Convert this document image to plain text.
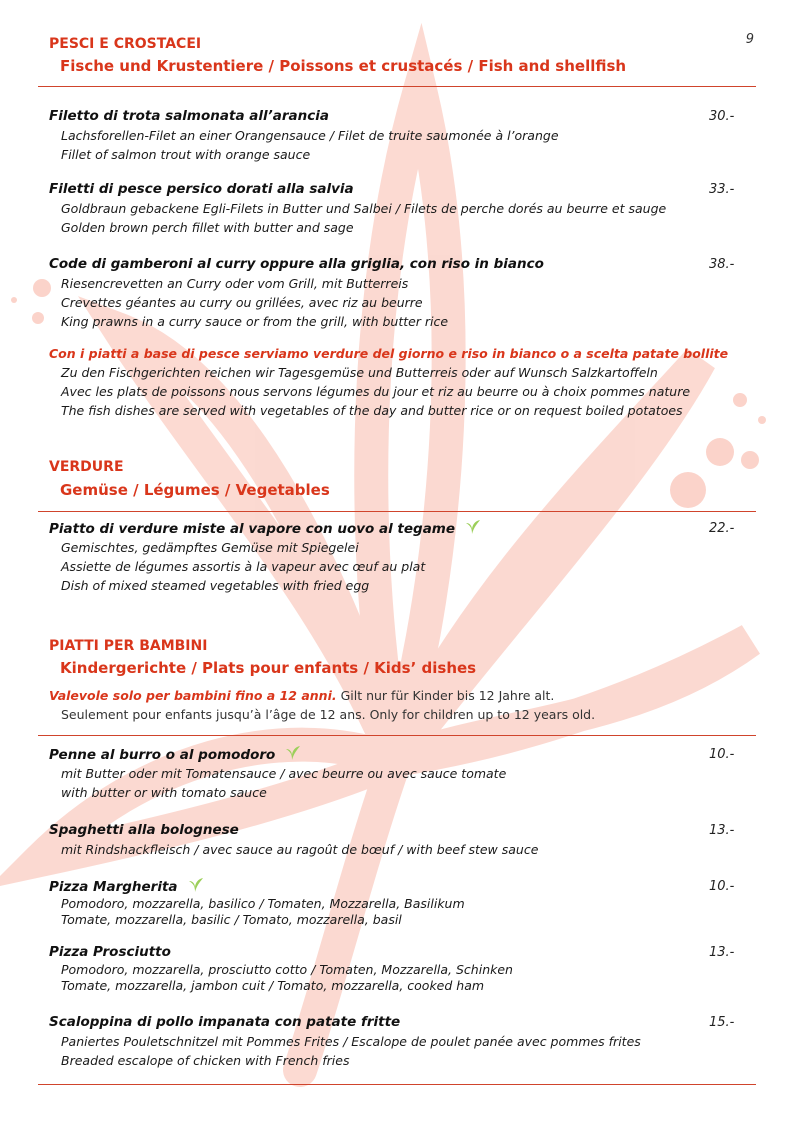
9
PESCI E CROSTACEI
Fische und Krustentiere / Poissons et crustacés / Fish and shellfish
Filetto di trota salmonata all’arancia	30.-
Lachsforellen-Filet an einer Orangensauce / Filet de truite saumonée à l’orange
Fillet of salmon trout with orange sauce
Filetti di pesce persico dorati alla salvia	33.-
Goldbraun gebackene Egli-Filets in Butter und Salbei / Filets de perche dorés au beurre et sauge
Golden brown perch fillet with butter and sage
Code di gamberoni al curry oppure alla griglia, con riso in bianco	38.-
Riesencrevetten an Curry oder vom Grill, mit Butterreis
Crevettes géantes au curry ou grillées, avec riz au beurre
King prawns in a curry sauce or from the grill, with butter rice
Con i piatti a base di pesce serviamo verdure del giorno e riso in bianco o a scelta patate bollite
Zu den Fischgerichten reichen wir Tagesgemüse und Butterreis oder auf Wunsch Salzkartoffeln
Avec les plats de poissons nous servons légumes du jour et riz au beurre ou à choix pommes nature
The fish dishes are served with vegetables of the day and butter rice or on request boiled potatoes
VERDURE
Gemüse / Légumes / Vegetables
Piatto di verdure miste al vapore con uovo al tegame	22.-
Gemischtes, gedämpftes Gemüse mit Spiegelei
Assiette de légumes assortis à la vapeur avec œuf au plat
Dish of mixed steamed vegetables with fried egg
PIATTI PER BAMBINI
Kindergerichte / Plats pour enfants / Kids’ dishes
Valevole solo per bambini fino a 12 anni. Gilt nur für Kinder bis 12 Jahre alt.
Seulement pour enfants jusqu’à l’âge de 12 ans. Only for children up to 12 years old.
Penne al burro o al pomodoro	10.-
mit Butter oder mit Tomatensauce / avec beurre ou avec sauce tomate
with butter or with tomato sauce
Spaghetti alla bolognese	13.-
mit Rindshackfleisch / avec sauce au ragoût de bœuf / with beef stew sauce
Pizza Margherita	10.-
Pomodoro, mozzarella, basilico / Tomaten, Mozzarella, Basilikum
Tomate, mozzarella, basilic / Tomato, mozzarella, basil
Pizza Prosciutto	13.-
Pomodoro, mozzarella, prosciutto cotto / Tomaten, Mozzarella, Schinken
Tomate, mozzarella, jambon cuit / Tomato, mozzarella, cooked ham
Scaloppina di pollo impanata con patate fritte	15.-
Paniertes Pouletschnitzel mit Pommes Frites / Escalope de poulet panée avec pommes frites
Breaded escalope of chicken with French fries
